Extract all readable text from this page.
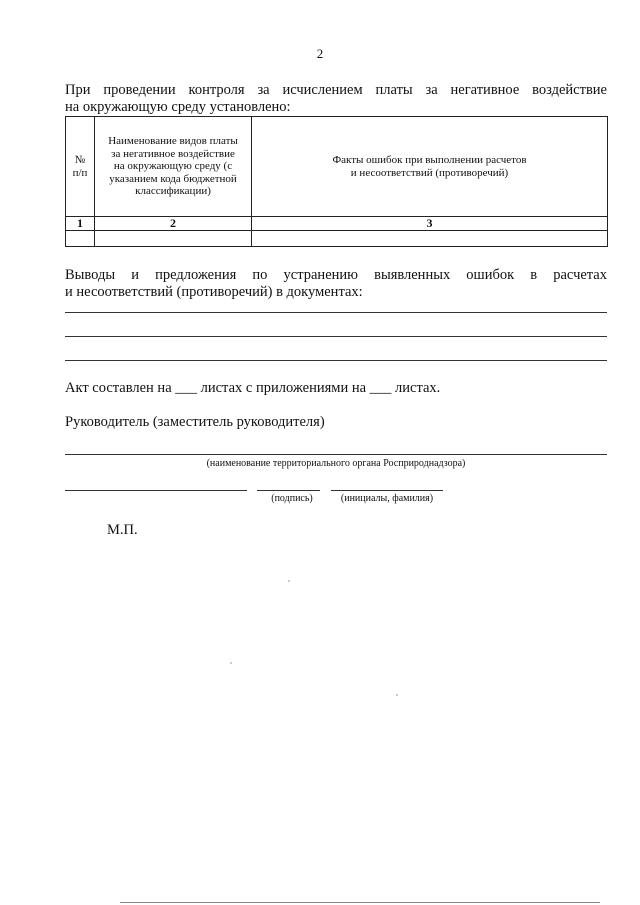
2
При проведении контроля за исчислением платы за негативное воздействие
на окружающую среду установлено:
№ п/п	Наименование видов платы за негативное воздействие на окружающую среду (с указанием кода бюджетной классификации)	Факты ошибок при выполнении расчетов и несоответствий (противоречий)
1	2	3

Выводы и предложения по устранению выявленных ошибок в расчетах
и несоответствий (противоречий) в документах:
Акт составлен на ___ листах с приложениями на ___ листах.
Руководитель (заместитель руководителя)
(наименование территориального органа Росприроднадзора)
(подпись)	(инициалы, фамилия)
М.П.
